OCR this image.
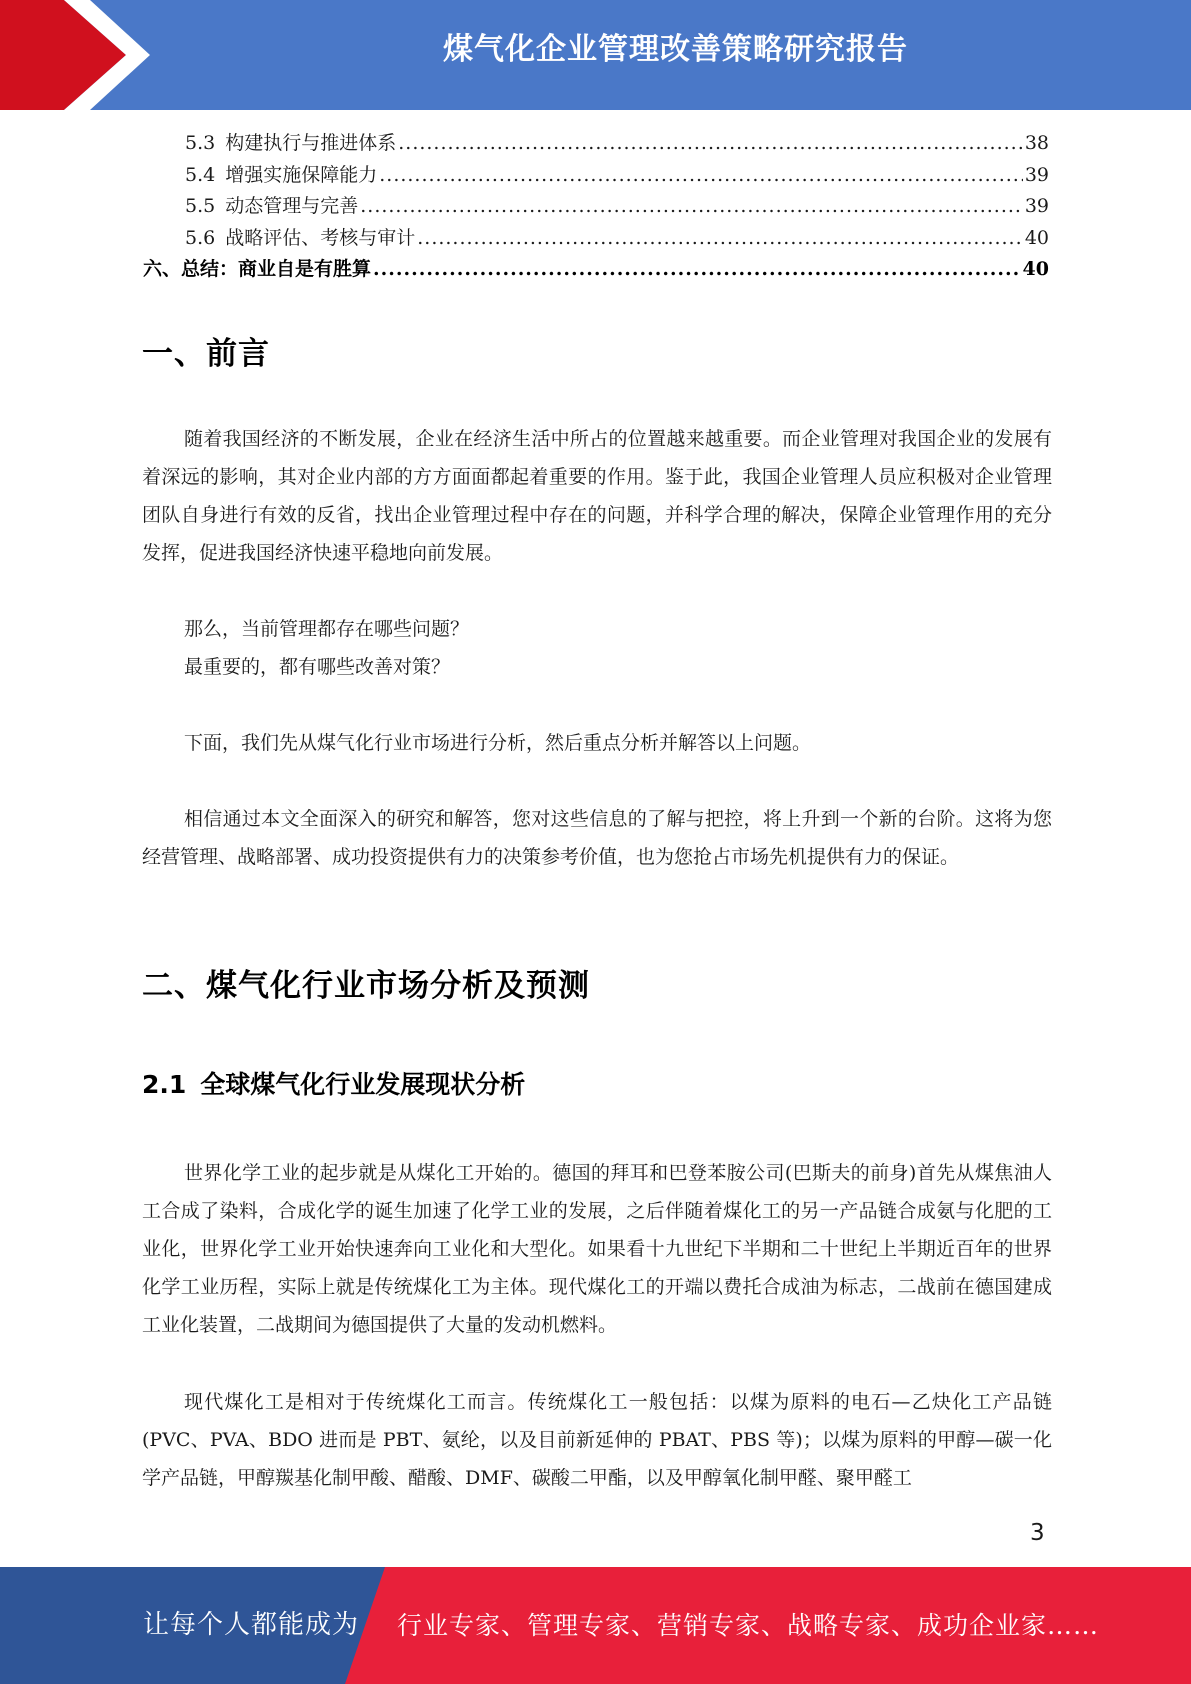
煤气化企业管理改善策略研究报告
5.3 构建执行与推进体系 .....	38
5.4 增强实施保障能力 .....	39
5.5 动态管理与完善 .....	39
5.6 战略评估、考核与审计 .....	40
六、总结：商业自是有胜算 .....	40
一、前言

随着我国经济的不断发展，企业在经济生活中所占的位置越来越重要。而企业管理对我国企业的发展有着深远的影响，其对企业内部的方方面面都起着重要的作用。鉴于此，我国企业管理人员应积极对企业管理团队自身进行有效的反省，找出企业管理过程中存在的问题，并科学合理的解决，保障企业管理作用的充分发挥，促进我国经济快速平稳地向前发展。

那么，当前管理都存在哪些问题？
最重要的，都有哪些改善对策？

下面，我们先从煤气化行业市场进行分析，然后重点分析并解答以上问题。

相信通过本文全面深入的研究和解答，您对这些信息的了解与把控，将上升到一个新的台阶。这将为您经营管理、战略部署、成功投资提供有力的决策参考价值，也为您抢占市场先机提供有力的保证。

二、煤气化行业市场分析及预测
2.1 全球煤气化行业发展现状分析

世界化学工业的起步就是从煤化工开始的。德国的拜耳和巴登苯胺公司(巴斯夫的前身)首先从煤焦油人工合成了染料，合成化学的诞生加速了化学工业的发展，之后伴随着煤化工的另一产品链合成氨与化肥的工业化，世界化学工业开始快速奔向工业化和大型化。如果看十九世纪下半期和二十世纪上半期近百年的世界化学工业历程，实际上就是传统煤化工为主体。现代煤化工的开端以费托合成油为标志，二战前在德国建成工业化装置，二战期间为德国提供了大量的发动机燃料。

现代煤化工是相对于传统煤化工而言。传统煤化工一般包括：以煤为原料的电石—乙炔化工产品链(PVC、PVA、BDO 进而是 PBT、氨纶，以及目前新延伸的 PBAT、PBS 等)；以煤为原料的甲醇—碳一化学产品链，甲醇羰基化制甲酸、醋酸、DMF、碳酸二甲酯，以及甲醇氧化制甲醛、聚甲醛工

3
让每个人都能成为 行业专家、管理专家、营销专家、战略专家、成功企业家……
